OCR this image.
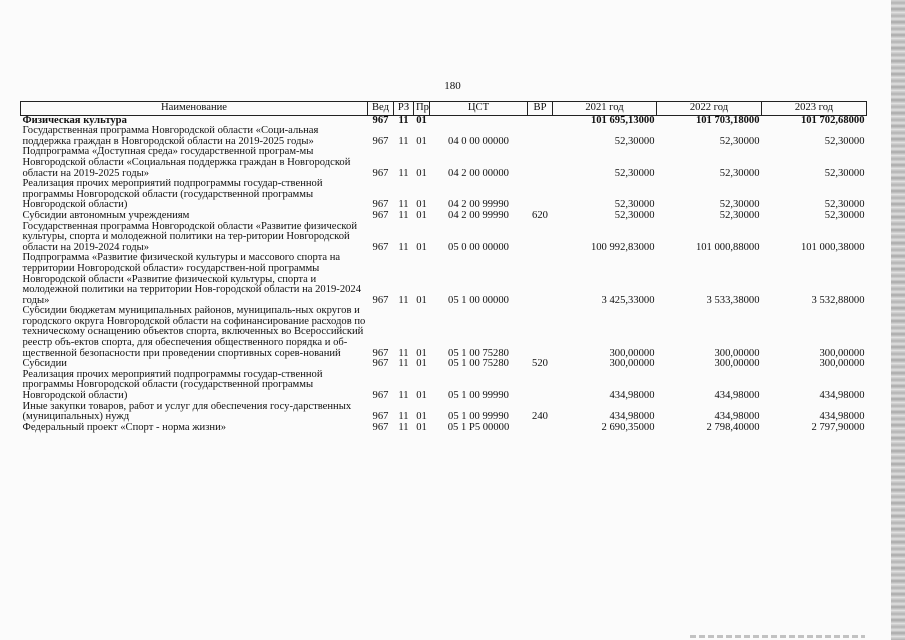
180
Наименование	Вед	РЗ	Пр	ЦСТ	ВР	2021 год	2022 год	2023 год
Физическая культура	967	11	01			101 695,13000	101 703,18000	101 702,68000
Государственная программа Новгородской области «Соци-альная поддержка граждан в Новгородской области на 2019-2025 годы»	967	11	01	04 0 00 00000		52,30000	52,30000	52,30000
Подпрограмма «Доступная среда» государственной програм-мы Новгородской области «Социальная поддержка граждан в Новгородской области на 2019-2025 годы»	967	11	01	04 2 00 00000		52,30000	52,30000	52,30000
Реализация прочих мероприятий подпрограммы государ-ственной программы Новгородской области (государственной программы Новгородской области)	967	11	01	04 2 00 99990		52,30000	52,30000	52,30000
Субсидии автономным учреждениям	967	11	01	04 2 00 99990	620	52,30000	52,30000	52,30000
Государственная программа Новгородской области «Развитие физической культуры, спорта и молодежной политики на тер-ритории Новгородской области на 2019-2024 годы»	967	11	01	05 0 00 00000		100 992,83000	101 000,88000	101 000,38000
Подпрограмма «Развитие физической культуры и массового спорта на территории Новгородской области» государствен-ной программы Новгородской области «Развитие физической культуры, спорта и молодежной политики на территории Нов-городской области на 2019-2024 годы»	967	11	01	05 1 00 00000		3 425,33000	3 533,38000	3 532,88000
Субсидии бюджетам муниципальных районов, муниципаль-ных округов и городского округа Новгородской области на софинансирование расходов по техническому оснащению объектов спорта, включенных во Всероссийский реестр объ-ектов спорта, для обеспечения общественного порядка и об-щественной безопасности при проведении спортивных сорев-нований	967	11	01	05 1 00 75280		300,00000	300,00000	300,00000
Субсидии	967	11	01	05 1 00 75280	520	300,00000	300,00000	300,00000
Реализация прочих мероприятий подпрограммы государ-ственной программы Новгородской области (государственной программы Новгородской области)	967	11	01	05 1 00 99990		434,98000	434,98000	434,98000
Иные закупки товаров, работ и услуг для обеспечения госу-дарственных (муниципальных) нужд	967	11	01	05 1 00 99990	240	434,98000	434,98000	434,98000
Федеральный проект «Спорт - норма жизни»	967	11	01	05 1 P5 00000		2 690,35000	2 798,40000	2 797,90000
